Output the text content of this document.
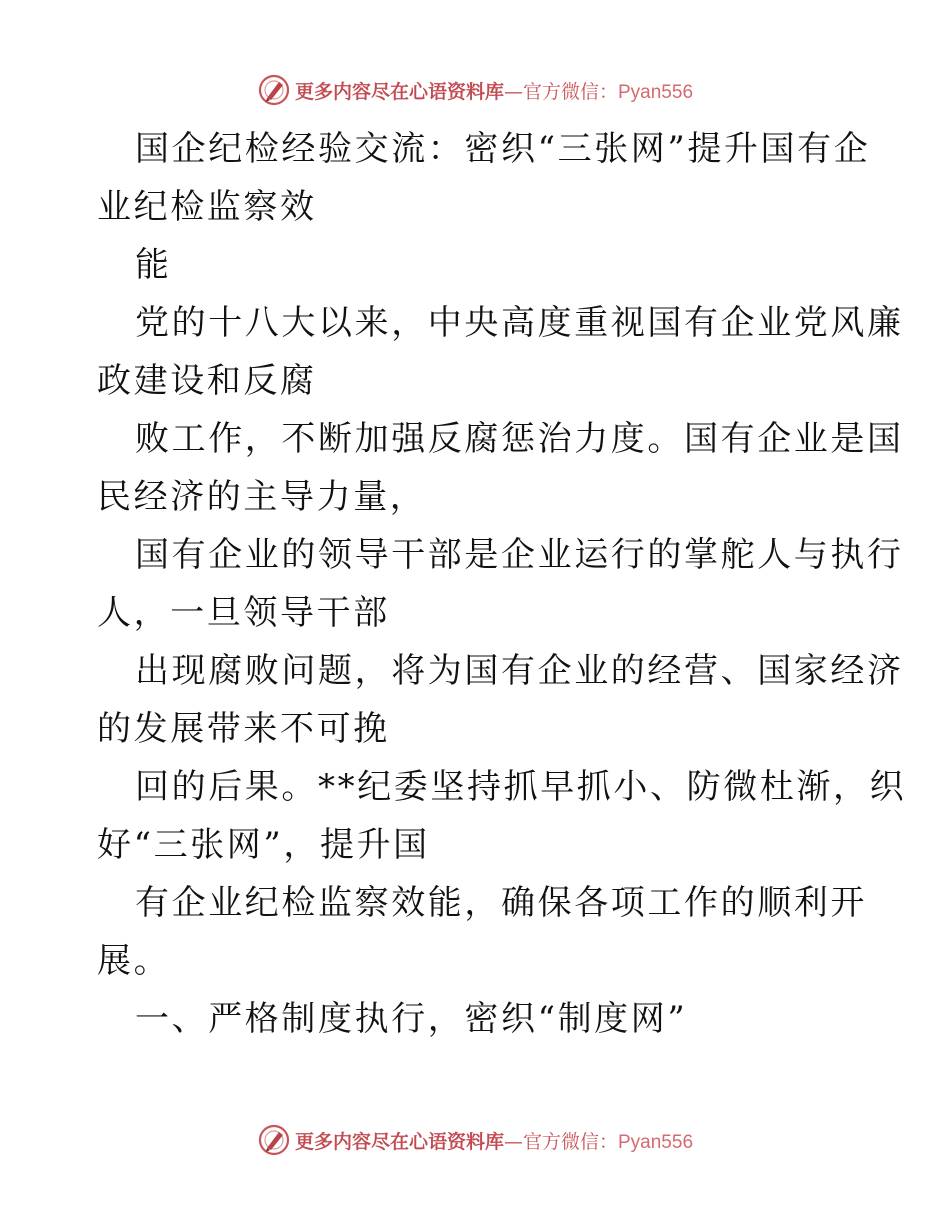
更多内容尽在心语资料库—官方微信：Pyan556
国企纪检经验交流：密织“三张网”提升国有企
业纪检监察效
能
党的十八大以来，中央高度重视国有企业党风廉
政建设和反腐
败工作，不断加强反腐惩治力度。国有企业是国
民经济的主导力量，
国有企业的领导干部是企业运行的掌舵人与执行
人，一旦领导干部
出现腐败问题，将为国有企业的经营、国家经济
的发展带来不可挽
回的后果。**纪委坚持抓早抓小、防微杜渐，织
好“三张网”，提升国
有企业纪检监察效能，确保各项工作的顺利开
展。
一、严格制度执行，密织“制度网”
更多内容尽在心语资料库—官方微信：Pyan556
